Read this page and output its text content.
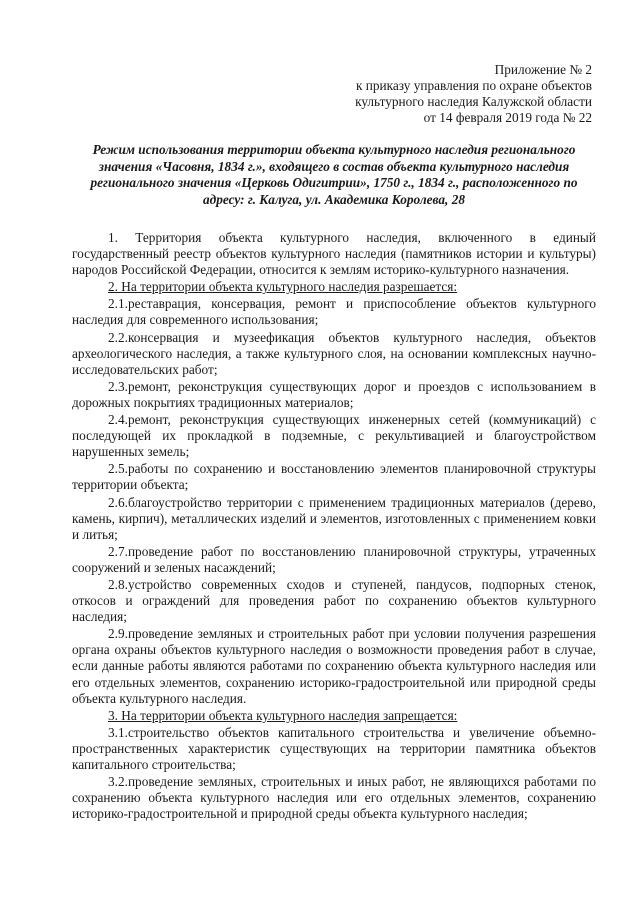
Приложение № 2
к приказу управления по охране объектов
культурного наследия Калужской области
от 14 февраля 2019 года № 22
Режим использования территории объекта культурного наследия регионального значения «Часовня, 1834 г.», входящего в состав объекта культурного наследия регионального значения «Церковь Одигитрии», 1750 г., 1834 г., расположенного по адресу: г. Калуга, ул. Академика Королева, 28

1. Территория объекта культурного наследия, включенного в единый государственный реестр объектов культурного наследия (памятников истории и культуры) народов Российской Федерации, относится к землям историко-культурного назначения.

2. На территории объекта культурного наследия разрешается:

2.1.реставрация, консервация, ремонт и приспособление объектов культурного наследия для современного использования;

2.2.консервация и музеефикация объектов культурного наследия, объектов археологического наследия, а также культурного слоя, на основании комплексных научно-исследовательских работ;

2.3.ремонт, реконструкция существующих дорог и проездов с использованием в дорожных покрытиях традиционных материалов;

2.4.ремонт, реконструкция существующих инженерных сетей (коммуникаций) с последующей их прокладкой в подземные, с рекультивацией и благоустройством нарушенных земель;

2.5.работы по сохранению и восстановлению элементов планировочной структуры территории объекта;

2.6.благоустройство территории с применением традиционных материалов (дерево, камень, кирпич), металлических изделий и элементов, изготовленных с применением ковки и литья;

2.7.проведение работ по восстановлению планировочной структуры, утраченных сооружений и зеленых насаждений;

2.8.устройство современных сходов и ступеней, пандусов, подпорных стенок, откосов и ограждений для проведения работ по сохранению объектов культурного наследия;

2.9.проведение земляных и строительных работ при условии получения разрешения органа охраны объектов культурного наследия о возможности проведения работ в случае, если данные работы являются работами по сохранению объекта культурного наследия или его отдельных элементов, сохранению историко-градостроительной или природной среды объекта культурного наследия.

3. На территории объекта культурного наследия запрещается:

3.1.строительство объектов капитального строительства и увеличение объемно-пространственных характеристик существующих на территории памятника объектов капитального строительства;

3.2.проведение земляных, строительных и иных работ, не являющихся работами по сохранению объекта культурного наследия или его отдельных элементов, сохранению историко-градостроительной и природной среды объекта культурного наследия;
